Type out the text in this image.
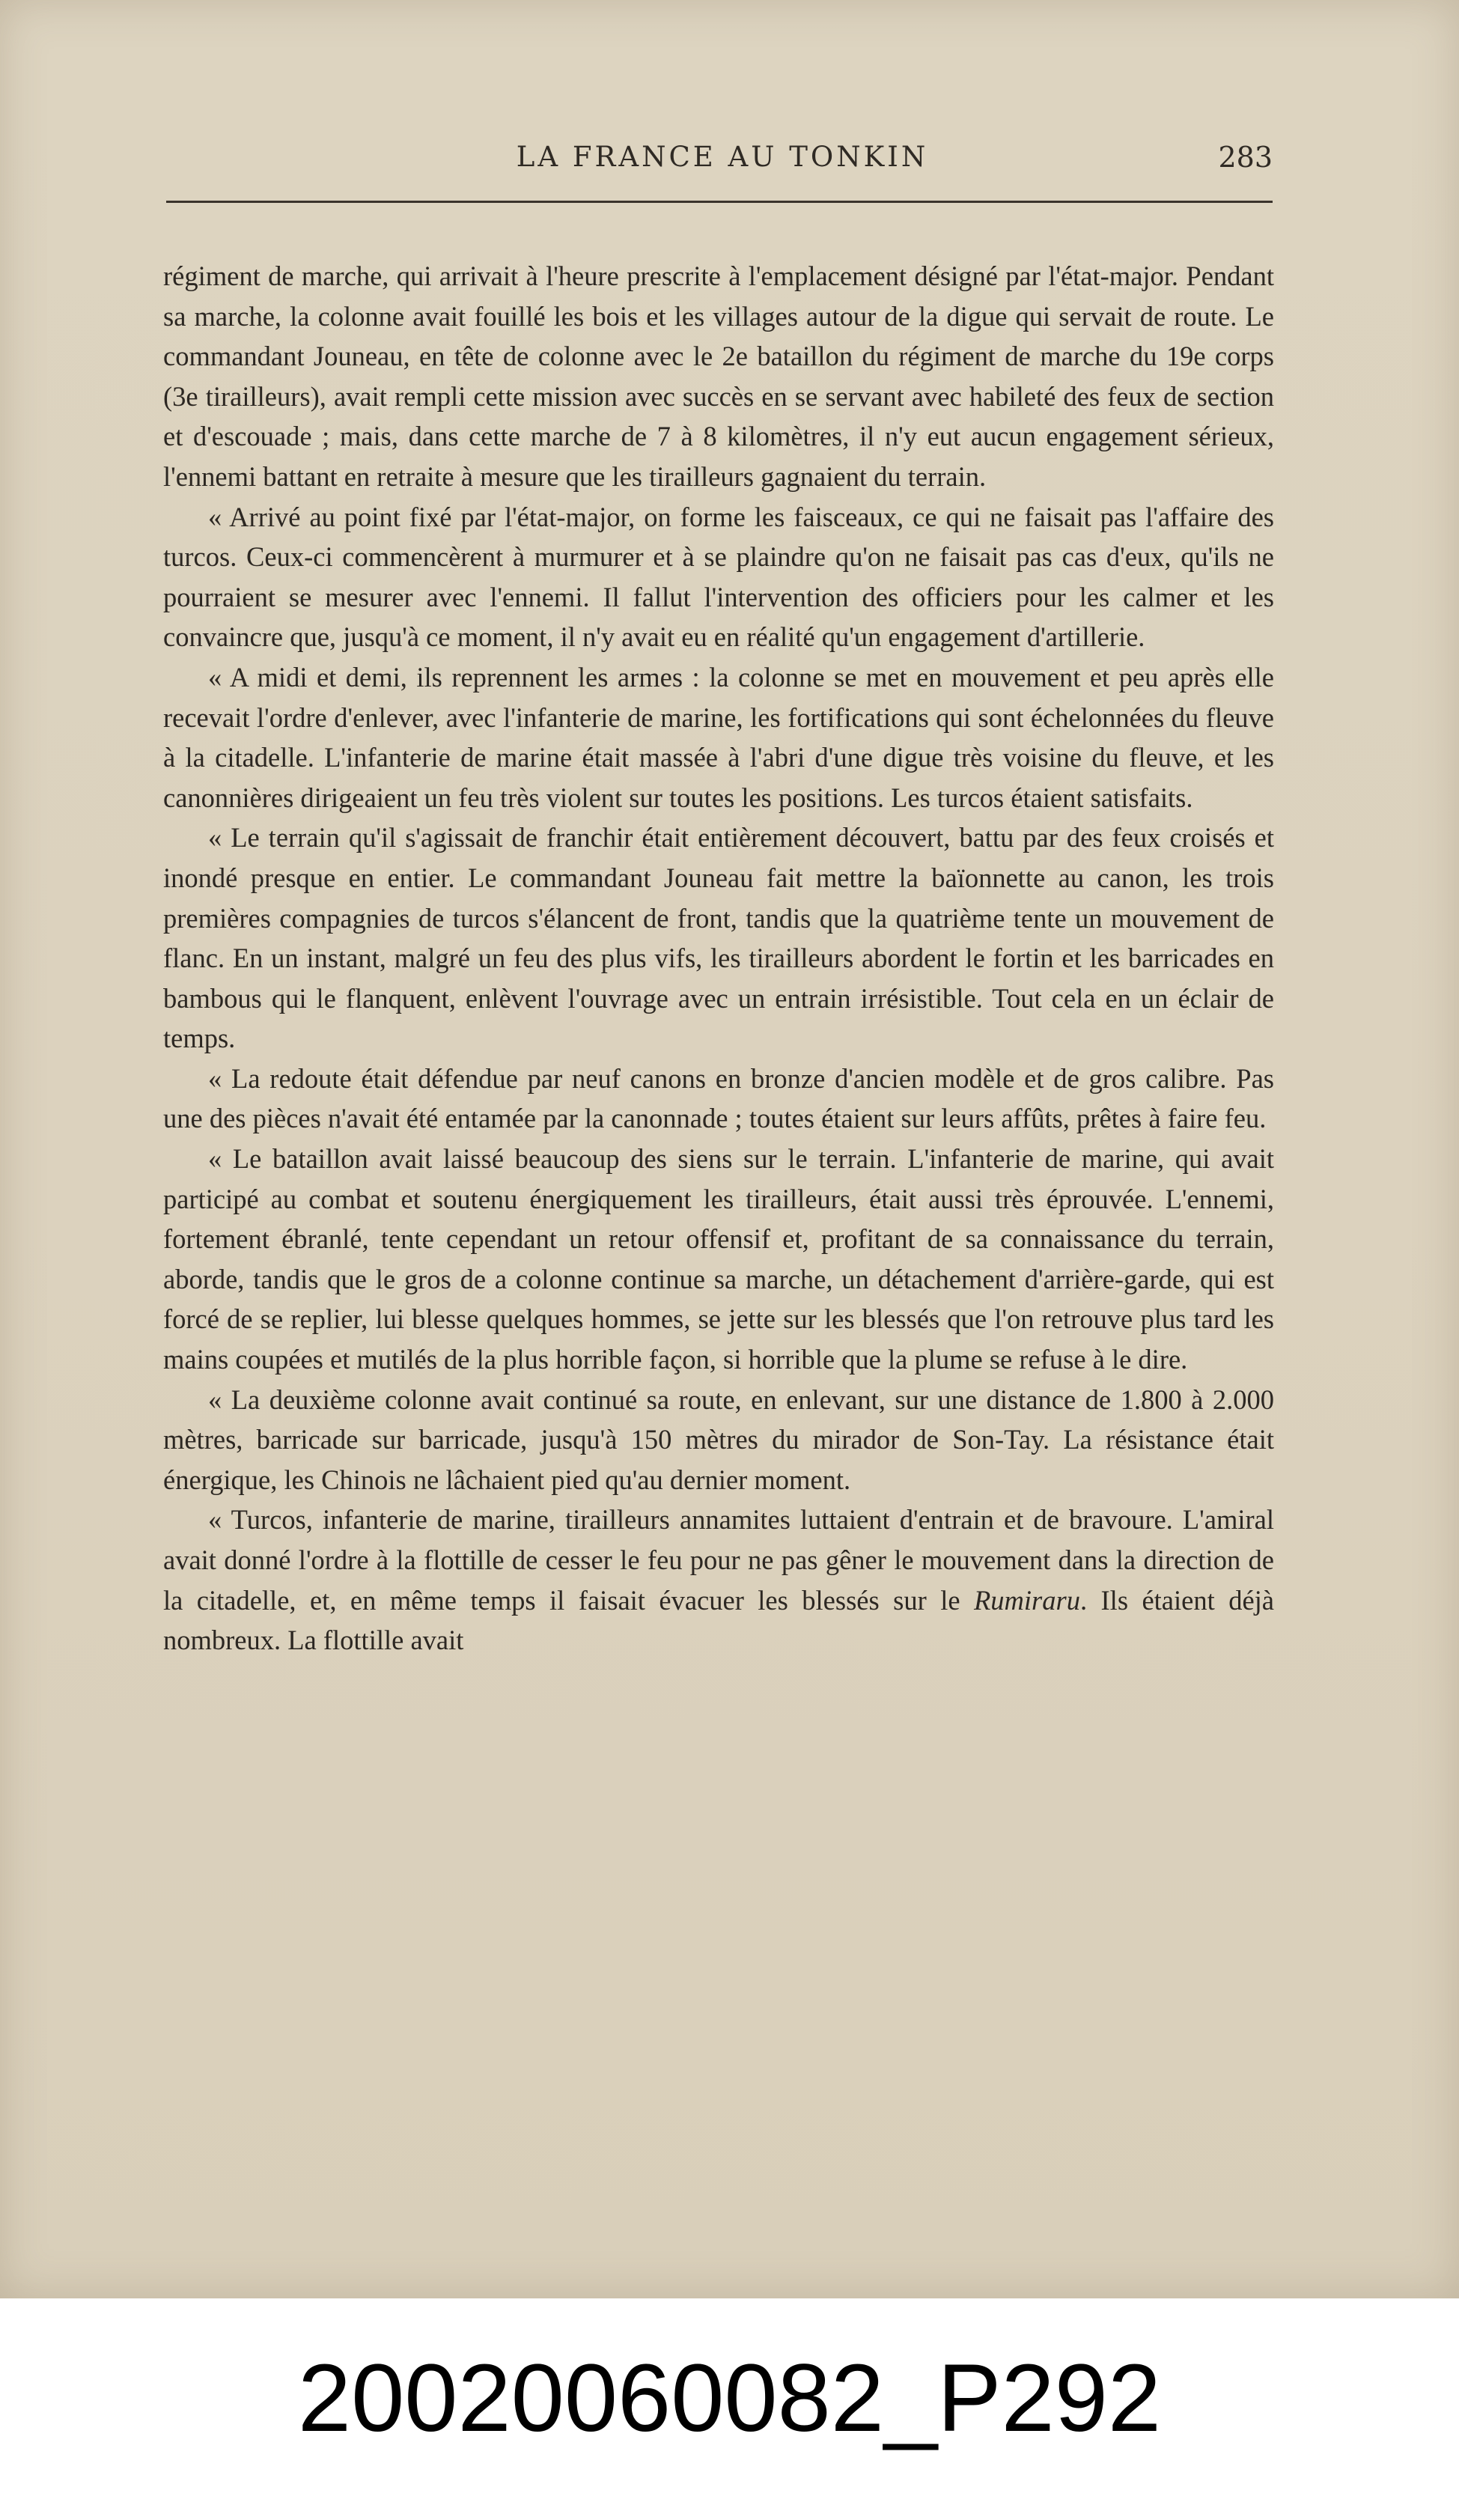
LA FRANCE AU TONKIN	283

régiment de marche, qui arrivait à l'heure prescrite à l'emplacement désigné par l'état-major. Pendant sa marche, la colonne avait fouillé les bois et les villages autour de la digue qui servait de route. Le commandant Jouneau, en tête de colonne avec le 2e bataillon du régiment de marche du 19e corps (3e tirailleurs), avait rempli cette mission avec succès en se servant avec habileté des feux de section et d'escouade ; mais, dans cette marche de 7 à 8 kilomètres, il n'y eut aucun engagement sérieux, l'ennemi battant en retraite à mesure que les tirailleurs gagnaient du terrain.

« Arrivé au point fixé par l'état-major, on forme les faisceaux, ce qui ne faisait pas l'affaire des turcos. Ceux-ci commencèrent à murmurer et à se plaindre qu'on ne faisait pas cas d'eux, qu'ils ne pourraient se mesurer avec l'ennemi. Il fallut l'intervention des officiers pour les calmer et les convaincre que, jusqu'à ce moment, il n'y avait eu en réalité qu'un engagement d'artillerie.

« A midi et demi, ils reprennent les armes : la colonne se met en mouvement et peu après elle recevait l'ordre d'enlever, avec l'infanterie de marine, les fortifications qui sont échelonnées du fleuve à la citadelle. L'infanterie de marine était massée à l'abri d'une digue très voisine du fleuve, et les canonnières dirigeaient un feu très violent sur toutes les positions. Les turcos étaient satisfaits.

« Le terrain qu'il s'agissait de franchir était entièrement découvert, battu par des feux croisés et inondé presque en entier. Le commandant Jouneau fait mettre la baïonnette au canon, les trois premières compagnies de turcos s'élancent de front, tandis que la quatrième tente un mouvement de flanc. En un instant, malgré un feu des plus vifs, les tirailleurs abordent le fortin et les barricades en bambous qui le flanquent, enlèvent l'ouvrage avec un entrain irrésistible. Tout cela en un éclair de temps.

« La redoute était défendue par neuf canons en bronze d'ancien modèle et de gros calibre. Pas une des pièces n'avait été entamée par la canonnade ; toutes étaient sur leurs affûts, prêtes à faire feu.

« Le bataillon avait laissé beaucoup des siens sur le terrain. L'infanterie de marine, qui avait participé au combat et soutenu énergiquement les tirailleurs, était aussi très éprouvée. L'ennemi, fortement ébranlé, tente cependant un retour offensif et, profitant de sa connaissance du terrain, aborde, tandis que le gros de a colonne continue sa marche, un détachement d'arrière-garde, qui est forcé de se replier, lui blesse quelques hommes, se jette sur les blessés que l'on retrouve plus tard les mains coupées et mutilés de la plus horrible façon, si horrible que la plume se refuse à le dire.

« La deuxième colonne avait continué sa route, en enlevant, sur une distance de 1.800 à 2.000 mètres, barricade sur barricade, jusqu'à 150 mètres du mirador de Son-Tay. La résistance était énergique, les Chinois ne lâchaient pied qu'au dernier moment.

« Turcos, infanterie de marine, tirailleurs annamites luttaient d'entrain et de bravoure. L'amiral avait donné l'ordre à la flottille de cesser le feu pour ne pas gêner le mouvement dans la direction de la citadelle, et, en même temps il faisait évacuer les blessés sur le Rumiraru. Ils étaient déjà nombreux. La flottille avait

20020060082_P292
